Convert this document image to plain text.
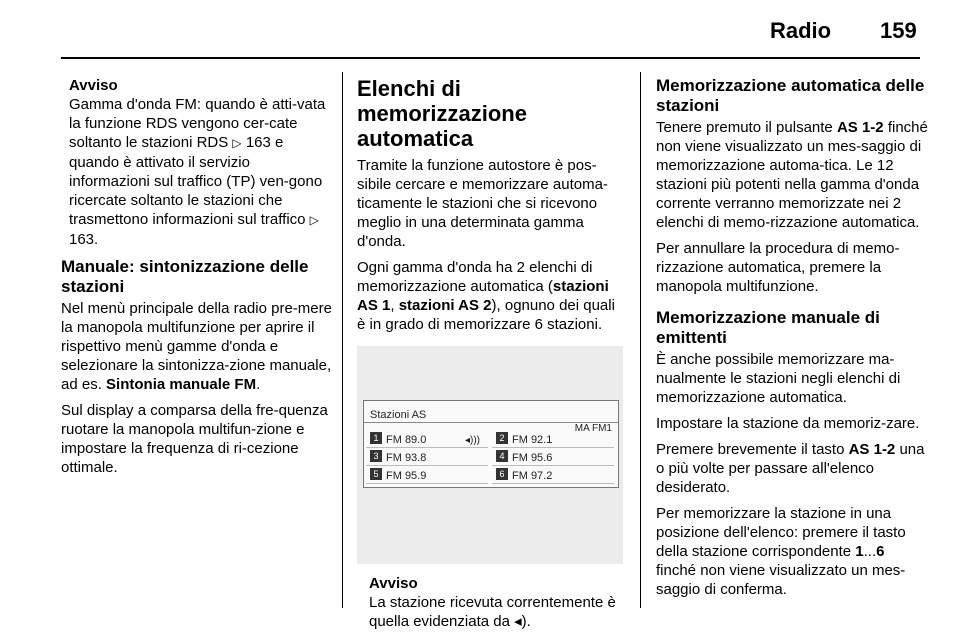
Radio 159
Avviso
Gamma d'onda FM: quando è atti-vata la funzione RDS vengono cer-cate soltanto le stazioni RDS ▷ 163 e quando è attivato il servizio informazioni sul traffico (TP) ven-gono ricercate soltanto le stazioni che trasmettono informazioni sul traffico ▷ 163.
Manuale: sintonizzazione delle stazioni

Nel menù principale della radio pre-mere la manopola multifunzione per aprire il rispettivo menù gamme d'onda e selezionare la sintonizza-zione manuale, ad es. Sintonia manuale FM.

Sul display a comparsa della fre-quenza ruotare la manopola multifun-zione e impostare la frequenza di ri-cezione ottimale.

Elenchi di memorizzazione automatica

Tramite la funzione autostore è pos-sibile cercare e memorizzare automa-ticamente le stazioni che si ricevono meglio in una determinata gamma d'onda.

Ogni gamma d'onda ha 2 elenchi di memorizzazione automatica (stazioni AS 1, stazioni AS 2), ognuno dei quali è in grado di memorizzare 6 stazioni.

Stazioni AS
MA FM1
1 FM 89.0	◂)))	2 FM 92.1
3 FM 93.8	4 FM 95.6
5 FM 95.9	6 FM 97.2
Avviso
La stazione ricevuta correntemente è quella evidenziata da ◂).
Memorizzazione automatica delle stazioni

Tenere premuto il pulsante AS 1-2 finché non viene visualizzato un mes-saggio di memorizzazione automa-tica. Le 12 stazioni più potenti nella gamma d'onda corrente verranno memorizzate nei 2 elenchi di memo-rizzazione automatica.

Per annullare la procedura di memo-rizzazione automatica, premere la manopola multifunzione.

Memorizzazione manuale di emittenti

È anche possibile memorizzare ma-nualmente le stazioni negli elenchi di memorizzazione automatica.

Impostare la stazione da memoriz-zare.

Premere brevemente il tasto AS 1-2 una o più volte per passare all'elenco desiderato.

Per memorizzare la stazione in una posizione dell'elenco: premere il tasto della stazione corrispondente 1...6 finché non viene visualizzato un mes-saggio di conferma.
